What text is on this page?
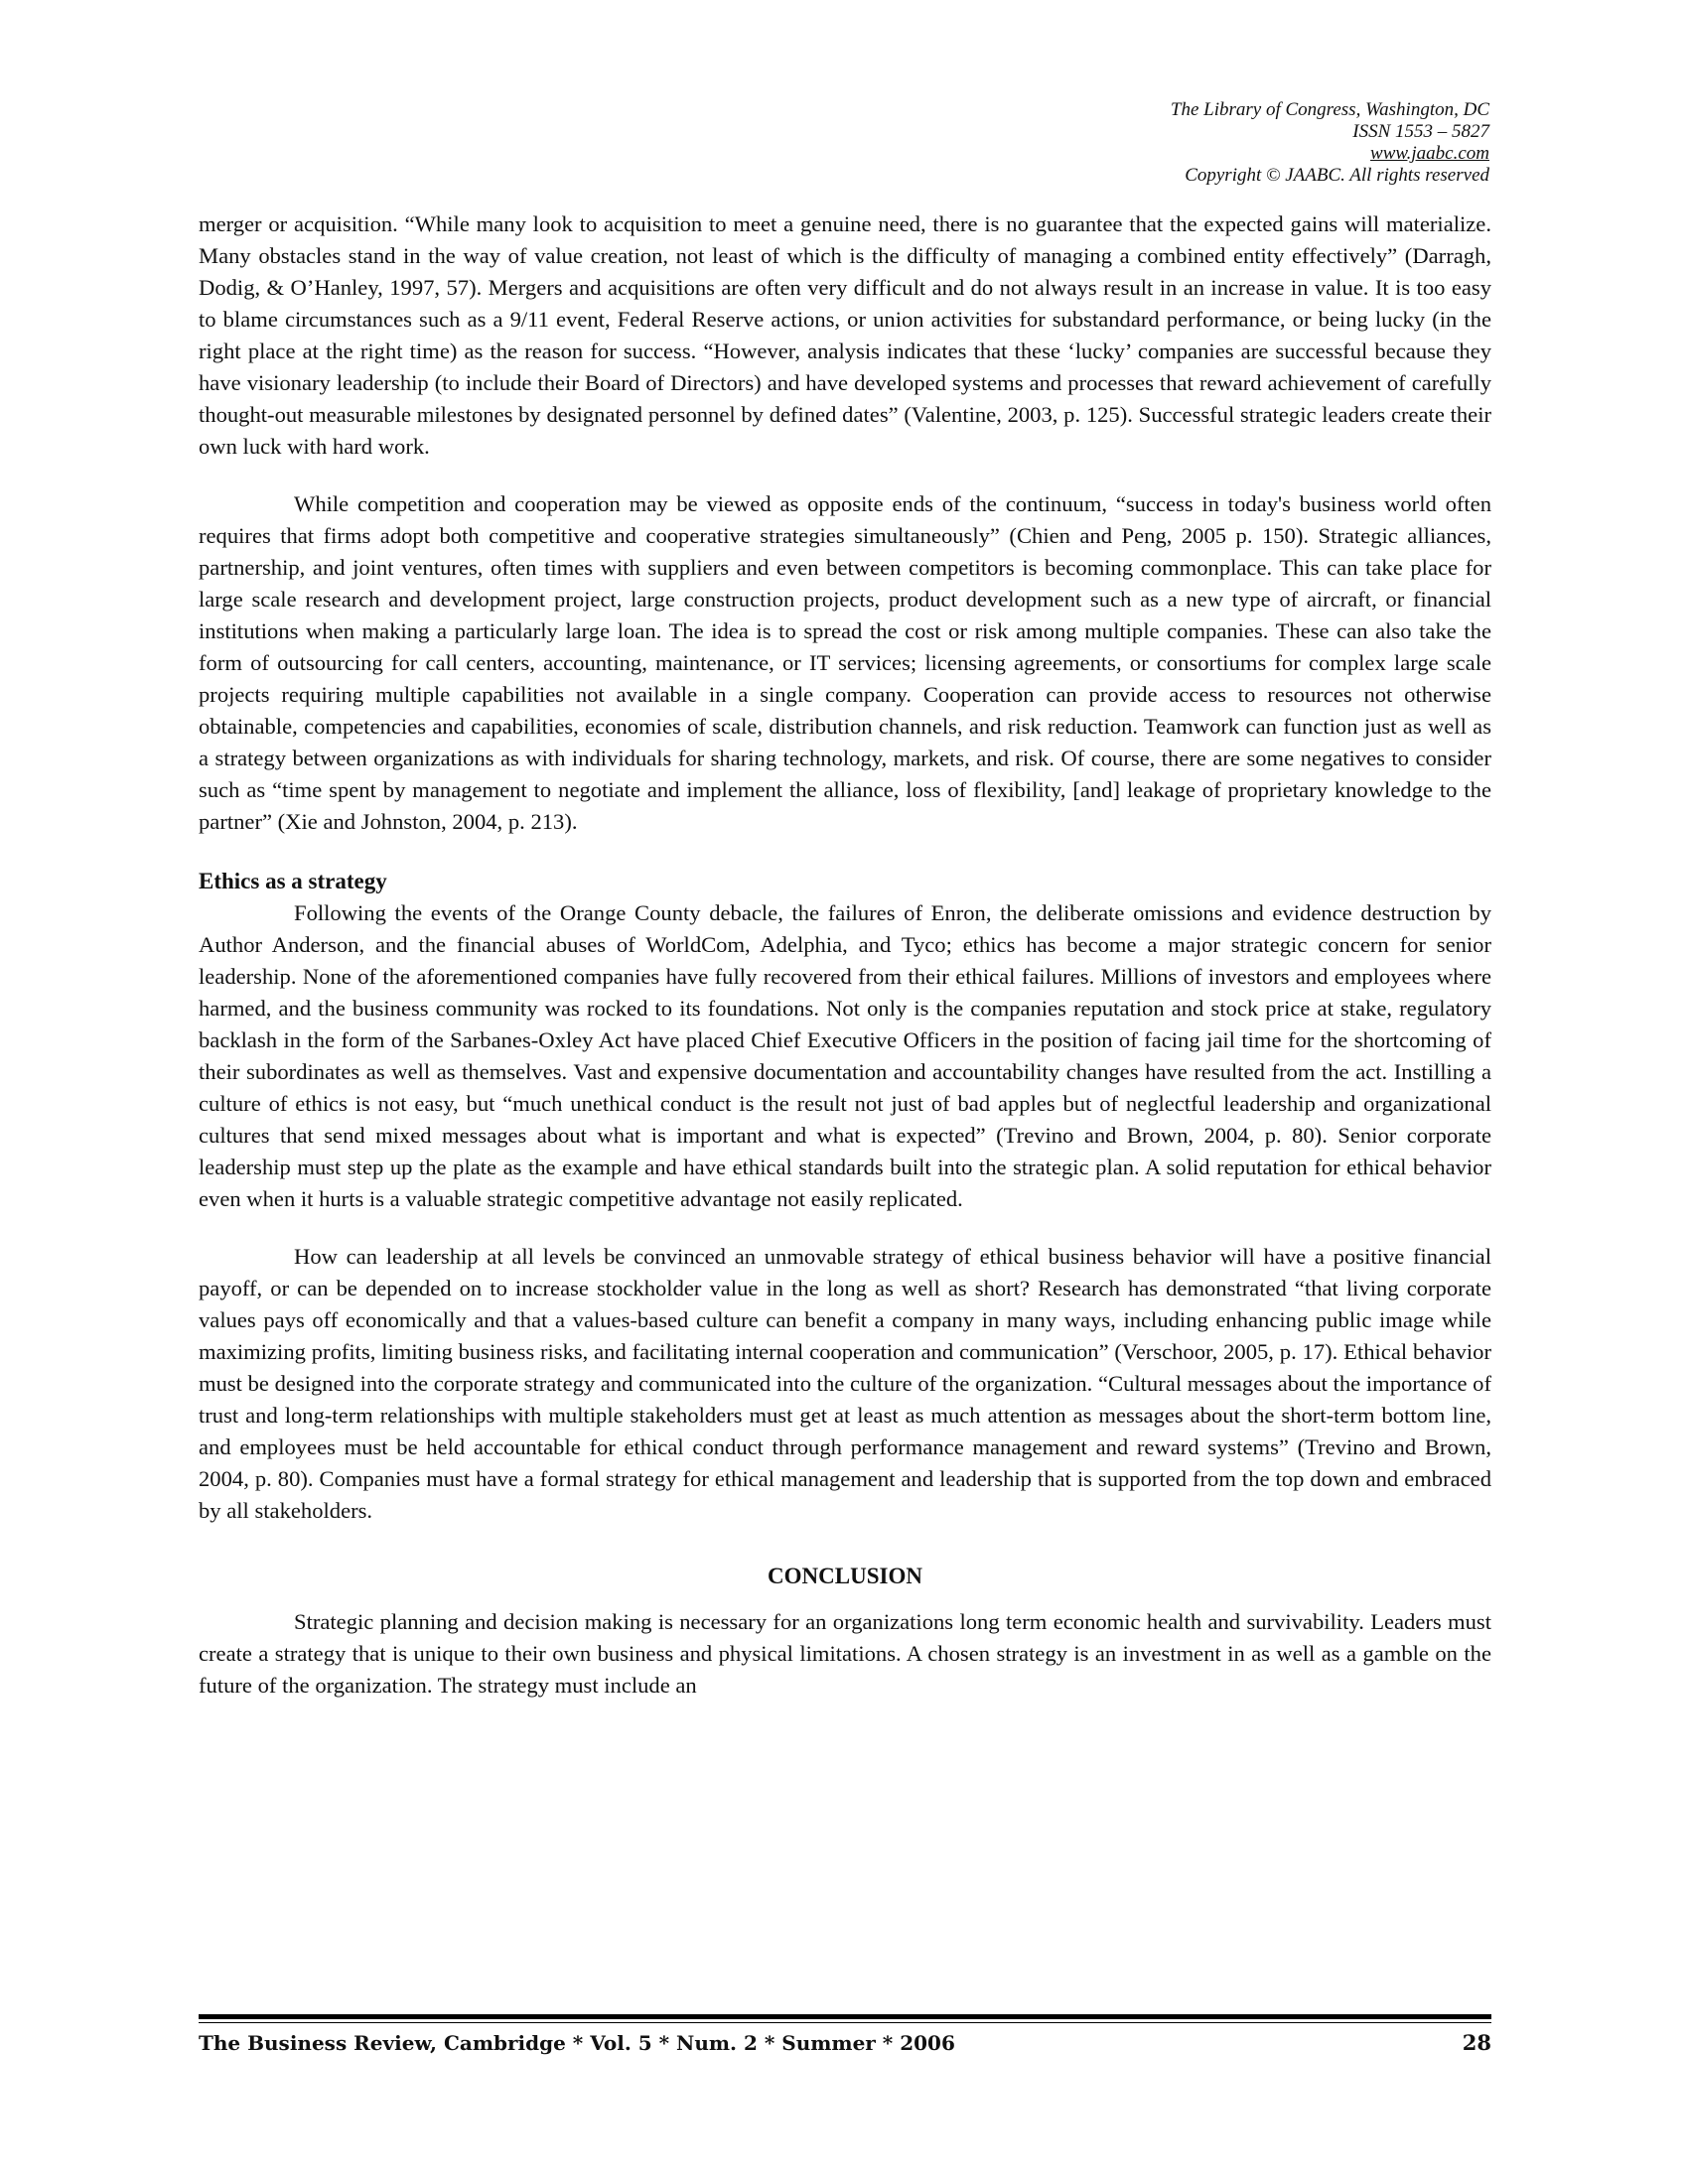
The Library of Congress, Washington, DC
ISSN 1553 – 5827
www.jaabc.com
Copyright © JAABC. All rights reserved

merger or acquisition. “While many look to acquisition to meet a genuine need, there is no guarantee that the expected gains will materialize. Many obstacles stand in the way of value creation, not least of which is the difficulty of managing a combined entity effectively” (Darragh, Dodig, & O’Hanley, 1997, 57). Mergers and acquisitions are often very difficult and do not always result in an increase in value. It is too easy to blame circumstances such as a 9/11 event, Federal Reserve actions, or union activities for substandard performance, or being lucky (in the right place at the right time) as the reason for success. “However, analysis indicates that these ‘lucky’ companies are successful because they have visionary leadership (to include their Board of Directors) and have developed systems and processes that reward achievement of carefully thought-out measurable milestones by designated personnel by defined dates” (Valentine, 2003, p. 125). Successful strategic leaders create their own luck with hard work.

While competition and cooperation may be viewed as opposite ends of the continuum, “success in today's business world often requires that firms adopt both competitive and cooperative strategies simultaneously” (Chien and Peng, 2005 p. 150). Strategic alliances, partnership, and joint ventures, often times with suppliers and even between competitors is becoming commonplace. This can take place for large scale research and development project, large construction projects, product development such as a new type of aircraft, or financial institutions when making a particularly large loan. The idea is to spread the cost or risk among multiple companies. These can also take the form of outsourcing for call centers, accounting, maintenance, or IT services; licensing agreements, or consortiums for complex large scale projects requiring multiple capabilities not available in a single company. Cooperation can provide access to resources not otherwise obtainable, competencies and capabilities, economies of scale, distribution channels, and risk reduction. Teamwork can function just as well as a strategy between organizations as with individuals for sharing technology, markets, and risk. Of course, there are some negatives to consider such as “time spent by management to negotiate and implement the alliance, loss of flexibility, [and] leakage of proprietary knowledge to the partner” (Xie and Johnston, 2004, p. 213).

Ethics as a strategy

Following the events of the Orange County debacle, the failures of Enron, the deliberate omissions and evidence destruction by Author Anderson, and the financial abuses of WorldCom, Adelphia, and Tyco; ethics has become a major strategic concern for senior leadership. None of the aforementioned companies have fully recovered from their ethical failures. Millions of investors and employees where harmed, and the business community was rocked to its foundations. Not only is the companies reputation and stock price at stake, regulatory backlash in the form of the Sarbanes-Oxley Act have placed Chief Executive Officers in the position of facing jail time for the shortcoming of their subordinates as well as themselves. Vast and expensive documentation and accountability changes have resulted from the act. Instilling a culture of ethics is not easy, but “much unethical conduct is the result not just of bad apples but of neglectful leadership and organizational cultures that send mixed messages about what is important and what is expected” (Trevino and Brown, 2004, p. 80). Senior corporate leadership must step up the plate as the example and have ethical standards built into the strategic plan. A solid reputation for ethical behavior even when it hurts is a valuable strategic competitive advantage not easily replicated.

How can leadership at all levels be convinced an unmovable strategy of ethical business behavior will have a positive financial payoff, or can be depended on to increase stockholder value in the long as well as short? Research has demonstrated “that living corporate values pays off economically and that a values-based culture can benefit a company in many ways, including enhancing public image while maximizing profits, limiting business risks, and facilitating internal cooperation and communication” (Verschoor, 2005, p. 17). Ethical behavior must be designed into the corporate strategy and communicated into the culture of the organization. “Cultural messages about the importance of trust and long-term relationships with multiple stakeholders must get at least as much attention as messages about the short-term bottom line, and employees must be held accountable for ethical conduct through performance management and reward systems” (Trevino and Brown, 2004, p. 80). Companies must have a formal strategy for ethical management and leadership that is supported from the top down and embraced by all stakeholders.

CONCLUSION

Strategic planning and decision making is necessary for an organizations long term economic health and survivability. Leaders must create a strategy that is unique to their own business and physical limitations. A chosen strategy is an investment in as well as a gamble on the future of the organization. The strategy must include an

The Business Review, Cambridge * Vol. 5 * Num. 2 * Summer * 2006	28
